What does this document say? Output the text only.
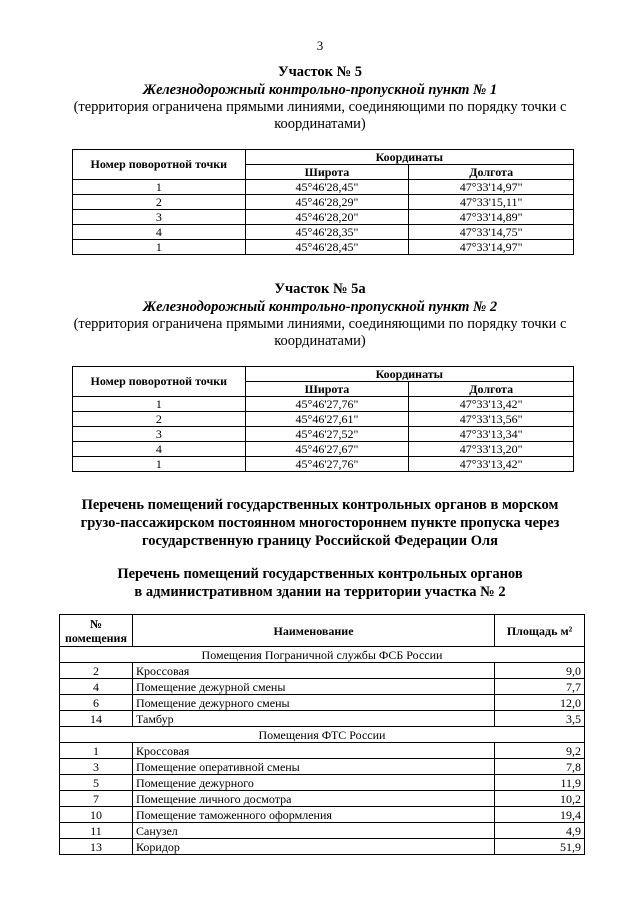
3
Участок № 5
Железнодорожный контрольно-пропускной пункт № 1
(территория ограничена прямыми линиями, соединяющими по порядку точки с
координатами)
Номер поворотной точки	Координаты	
	Широта	Долгота
1	45°46'28,45"	47°33'14,97"
2	45°46'28,29"	47°33'15,11"
3	45°46'28,20"	47°33'14,89"
4	45°46'28,35"	47°33'14,75"
1	45°46'28,45"	47°33'14,97"
Участок № 5а
Железнодорожный контрольно-пропускной пункт № 2
(территория ограничена прямыми линиями, соединяющими по порядку точки с
координатами)
Номер поворотной точки	Координаты	
	Широта	Долгота
1	45°46'27,76"	47°33'13,42"
2	45°46'27,61"	47°33'13,56"
3	45°46'27,52"	47°33'13,34"
4	45°46'27,67"	47°33'13,20"
1	45°46'27,76"	47°33'13,42"
Перечень помещений государственных контрольных органов в морском
грузо-пассажирском постоянном многостороннем пункте пропуска через
государственную границу Российской Федерации Оля
Перечень помещений государственных контрольных органов
в административном здании на территории участка № 2
№
помещения	Наименование	Площадь м²
Помещения Пограничной службы ФСБ России		
2	Кроссовая	9,0
4	Помещение дежурной смены	7,7
6	Помещение дежурного смены	12,0
14	Тамбур	3,5
Помещения ФТС России		
1	Кроссовая	9,2
3	Помещение оперативной смены	7,8
5	Помещение дежурного	11,9
7	Помещение личного досмотра	10,2
10	Помещение таможенного оформления	19,4
11	Санузел	4,9
13	Коридор	51,9
